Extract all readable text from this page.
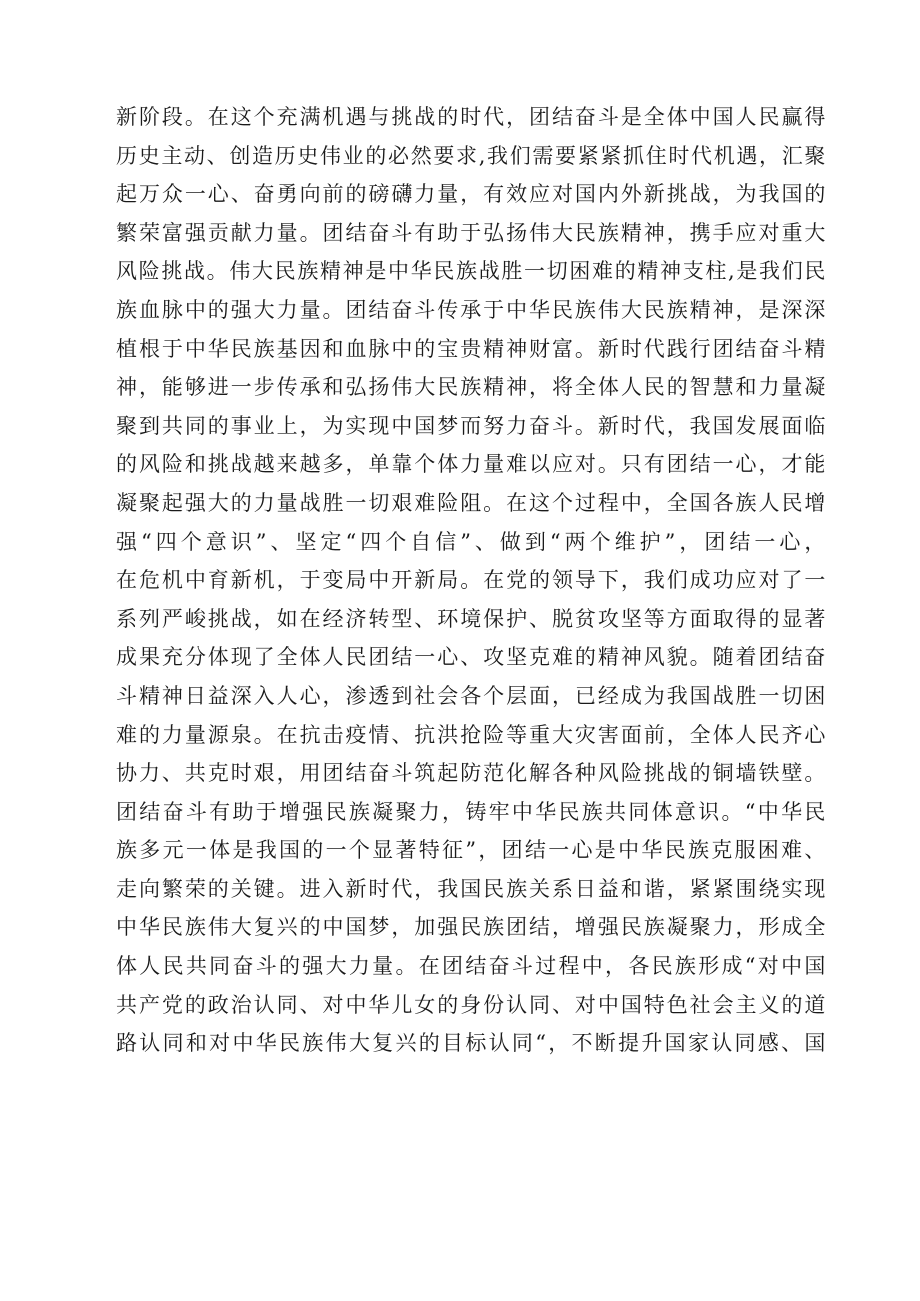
新阶段。在这个充满机遇与挑战的时代，团结奋斗是全体中国人民赢得
历史主动、创造历史伟业的必然要求,我们需要紧紧抓住时代机遇，汇聚
起万众一心、奋勇向前的磅礴力量，有效应对国内外新挑战，为我国的
繁荣富强贡献力量。团结奋斗有助于弘扬伟大民族精神，携手应对重大
风险挑战。伟大民族精神是中华民族战胜一切困难的精神支柱,是我们民
族血脉中的强大力量。团结奋斗传承于中华民族伟大民族精神，是深深
植根于中华民族基因和血脉中的宝贵精神财富。新时代践行团结奋斗精
神，能够进一步传承和弘扬伟大民族精神，将全体人民的智慧和力量凝
聚到共同的事业上，为实现中国梦而努力奋斗。新时代，我国发展面临
的风险和挑战越来越多，单靠个体力量难以应对。只有团结一心，才能
凝聚起强大的力量战胜一切艰难险阻。在这个过程中，全国各族人民增
强“四个意识”、坚定“四个自信”、做到“两个维护”，团结一心，
在危机中育新机，于变局中开新局。在党的领导下，我们成功应对了一
系列严峻挑战，如在经济转型、环境保护、脱贫攻坚等方面取得的显著
成果充分体现了全体人民团结一心、攻坚克难的精神风貌。随着团结奋
斗精神日益深入人心，渗透到社会各个层面，已经成为我国战胜一切困
难的力量源泉。在抗击疫情、抗洪抢险等重大灾害面前，全体人民齐心
协力、共克时艰，用团结奋斗筑起防范化解各种风险挑战的铜墙铁壁。
团结奋斗有助于增强民族凝聚力，铸牢中华民族共同体意识。“中华民
族多元一体是我国的一个显著特征”，团结一心是中华民族克服困难、
走向繁荣的关键。进入新时代，我国民族关系日益和谐，紧紧围绕实现
中华民族伟大复兴的中国梦，加强民族团结，增强民族凝聚力，形成全
体人民共同奋斗的强大力量。在团结奋斗过程中，各民族形成“对中国
共产党的政治认同、对中华儿女的身份认同、对中国特色社会主义的道
路认同和对中华民族伟大复兴的目标认同“，不断提升国家认同感、国
